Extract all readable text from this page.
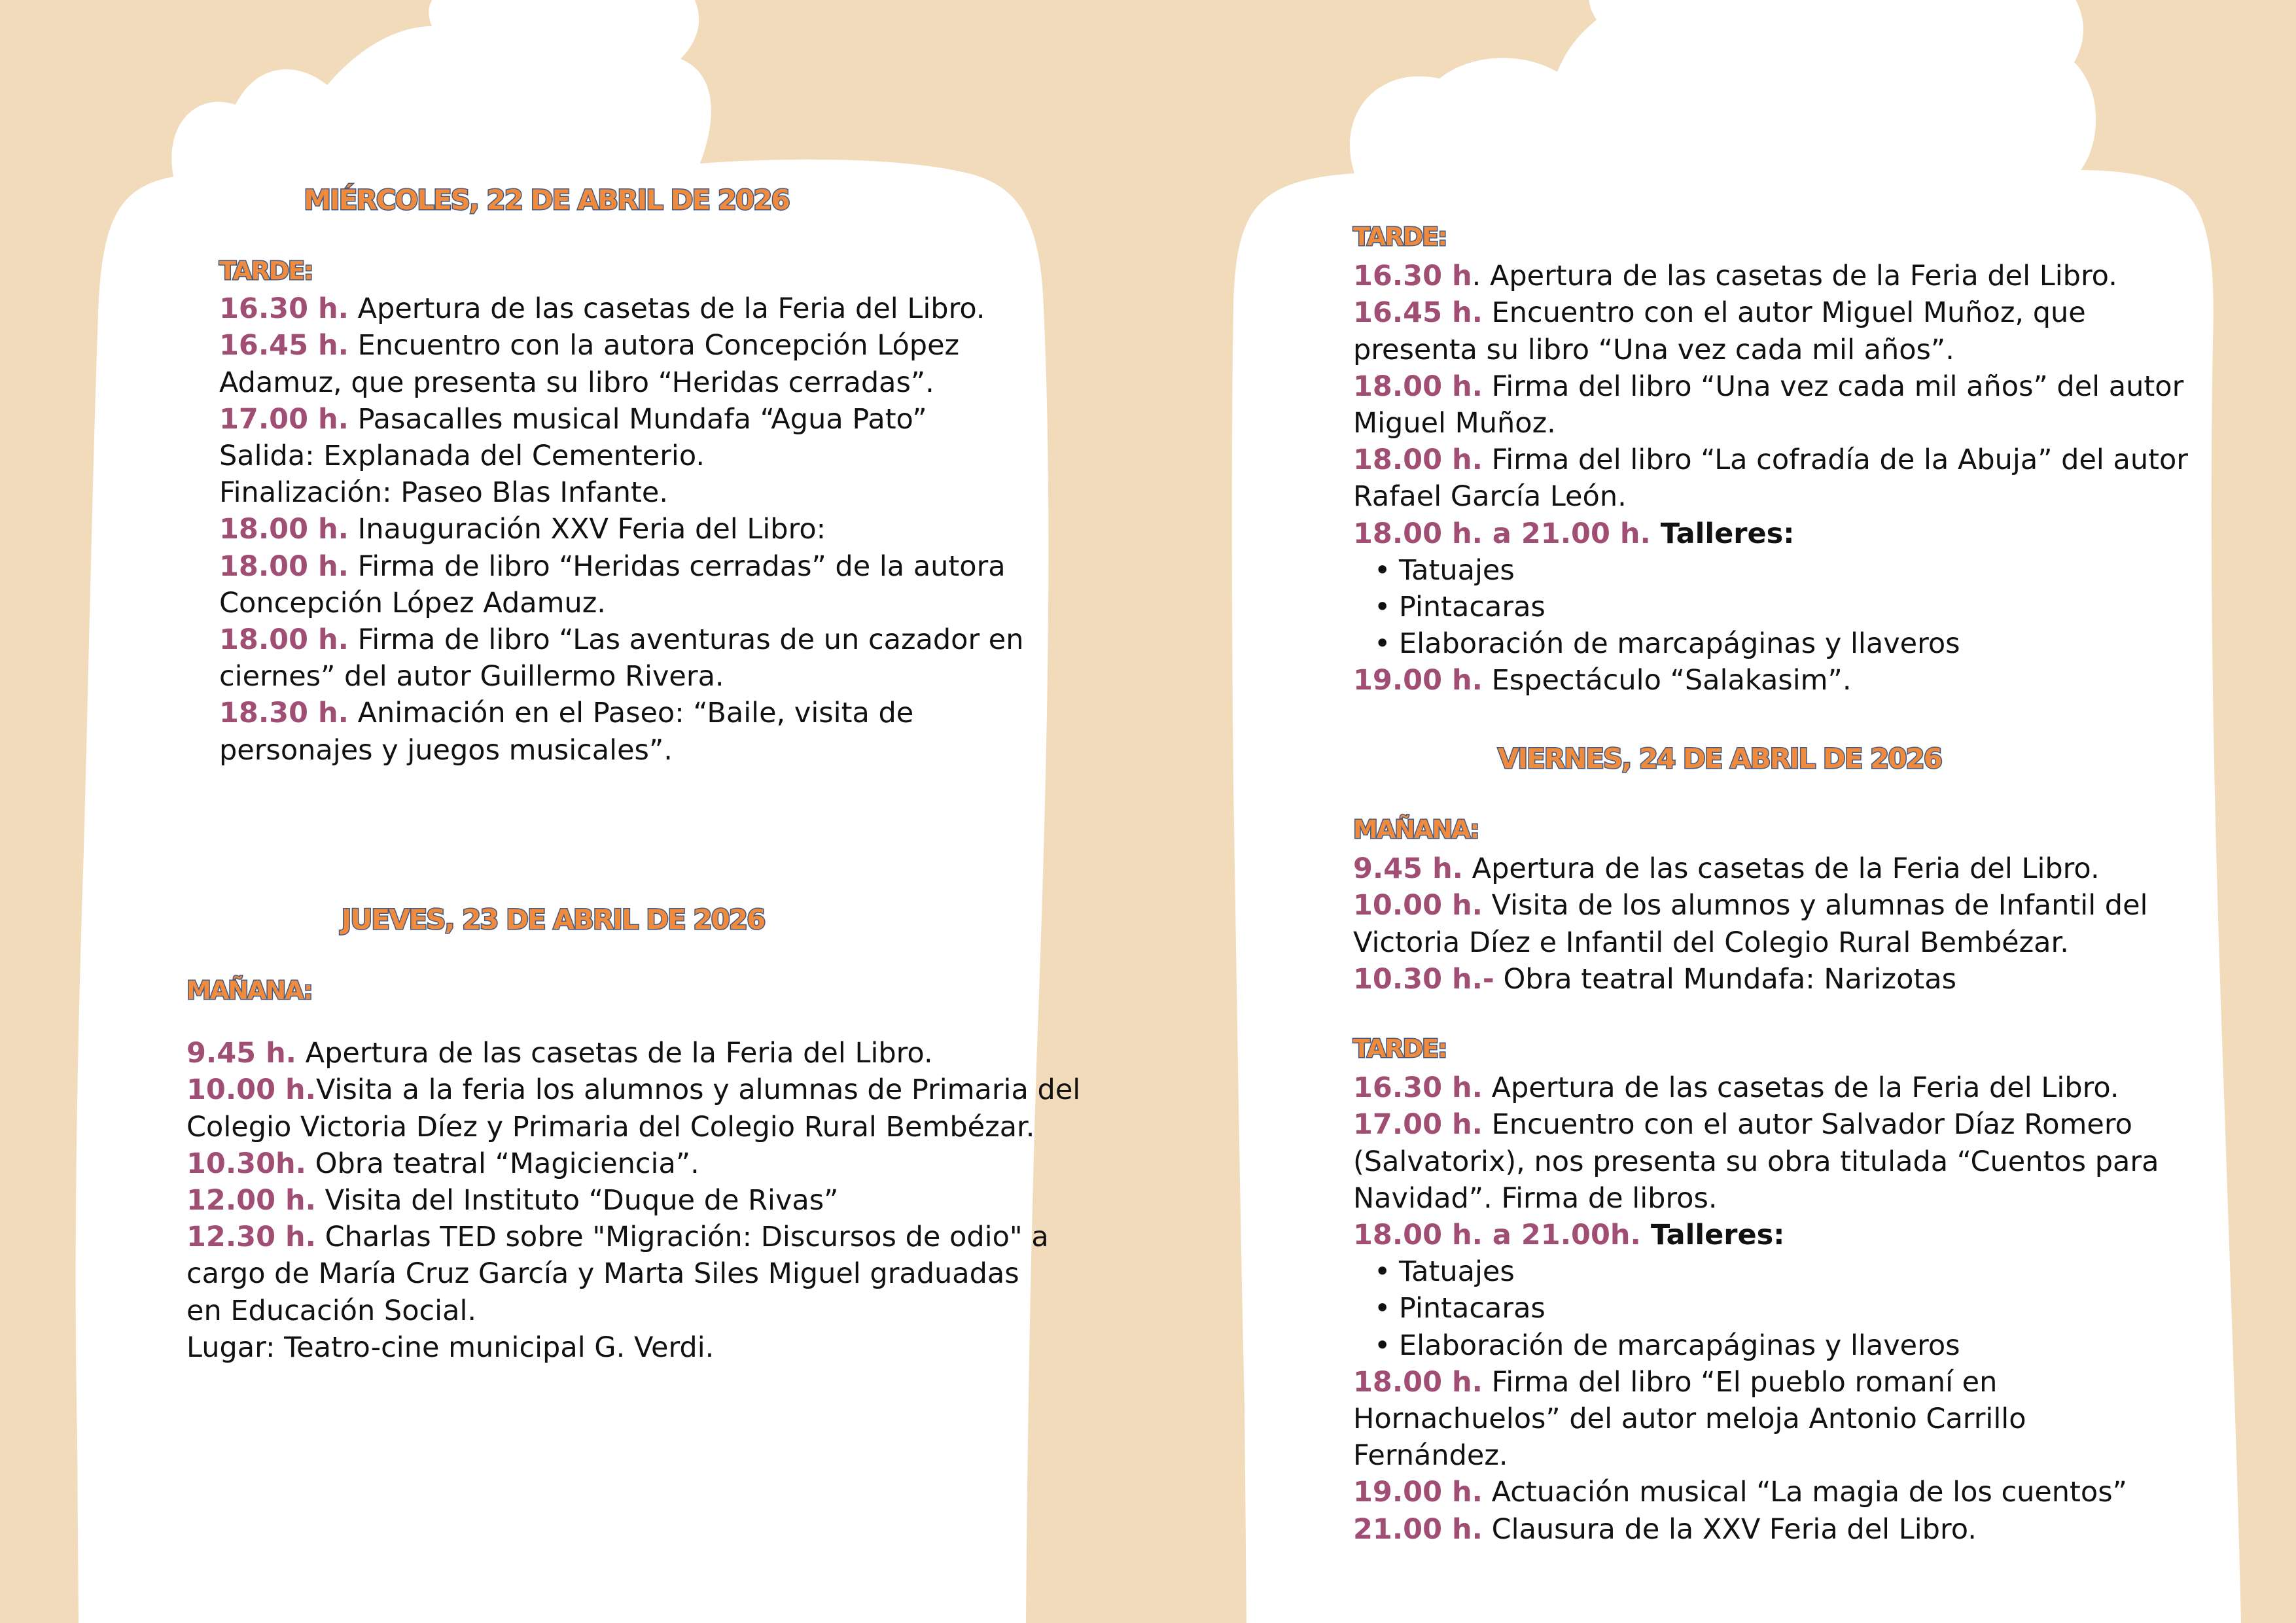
MIÉRCOLES, 22 DE ABRIL DE 2026
TARDE:
16.30 h. Apertura de las casetas de la Feria del Libro.
16.45 h. Encuentro con la autora Concepción López
Adamuz, que presenta su libro “Heridas cerradas”.
17.00 h. Pasacalles musical Mundafa “Agua Pato”
Salida: Explanada del Cementerio.
Finalización: Paseo Blas Infante.
18.00 h. Inauguración XXV Feria del Libro:
18.00 h. Firma de libro “Heridas cerradas” de la autora
Concepción López Adamuz.
18.00 h. Firma de libro “Las aventuras de un cazador en
ciernes” del autor Guillermo Rivera.
18.30 h. Animación en el Paseo: “Baile, visita de
personajes y juegos musicales”.
JUEVES, 23 DE ABRIL DE 2026
MAÑANA:
9.45 h. Apertura de las casetas de la Feria del Libro.
10.00 h.Visita a la feria los alumnos y alumnas de Primaria del
Colegio Victoria Díez y Primaria del Colegio Rural Bembézar.
10.30h. Obra teatral “Magiciencia”.
12.00 h. Visita del Instituto “Duque de Rivas”
12.30 h. Charlas TED sobre "Migración: Discursos de odio" a
cargo de María Cruz García y Marta Siles Miguel graduadas
en Educación Social.
Lugar: Teatro-cine municipal G. Verdi.
TARDE:
16.30 h. Apertura de las casetas de la Feria del Libro.
16.45 h. Encuentro con el autor Miguel Muñoz, que
presenta su libro “Una vez cada mil años”.
18.00 h. Firma del libro “Una vez cada mil años” del autor
Miguel Muñoz.
18.00 h. Firma del libro “La cofradía de la Abuja” del autor
Rafael García León.
18.00 h. a 21.00 h. Talleres:
• Tatuajes
• Pintacaras
• Elaboración de marcapáginas y llaveros
19.00 h. Espectáculo “Salakasim”.
VIERNES, 24 DE ABRIL DE 2026
MAÑANA:
9.45 h. Apertura de las casetas de la Feria del Libro.
10.00 h. Visita de los alumnos y alumnas de Infantil del
Victoria Díez e Infantil del Colegio Rural Bembézar.
10.30 h.- Obra teatral Mundafa: Narizotas
TARDE:
16.30 h. Apertura de las casetas de la Feria del Libro.
17.00 h. Encuentro con el autor Salvador Díaz Romero
(Salvatorix), nos presenta su obra titulada “Cuentos para
Navidad”. Firma de libros.
18.00 h. a 21.00h. Talleres:
• Tatuajes
• Pintacaras
• Elaboración de marcapáginas y llaveros
18.00 h. Firma del libro “El pueblo romaní en
Hornachuelos” del autor meloja Antonio Carrillo
Fernández.
19.00 h. Actuación musical “La magia de los cuentos”
21.00 h. Clausura de la XXV Feria del Libro.
